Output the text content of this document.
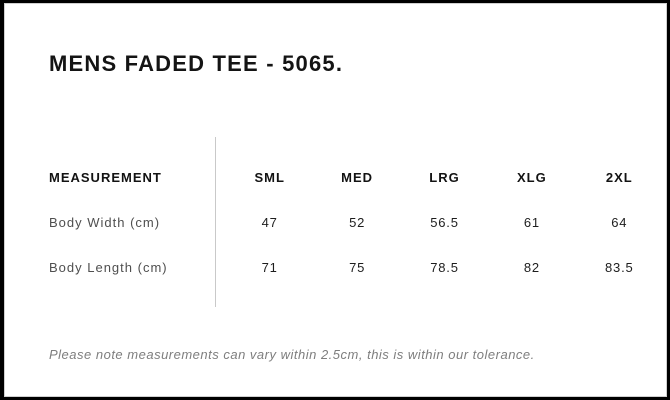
MENS FADED TEE - 5065.
MEASUREMENT	SML	MED	LRG	XLG	2XL
Body Width (cm)	47	52	56.5	61	64
Body Length (cm)	71	75	78.5	82	83.5

Please note measurements can vary within 2.5cm, this is within our tolerance.
